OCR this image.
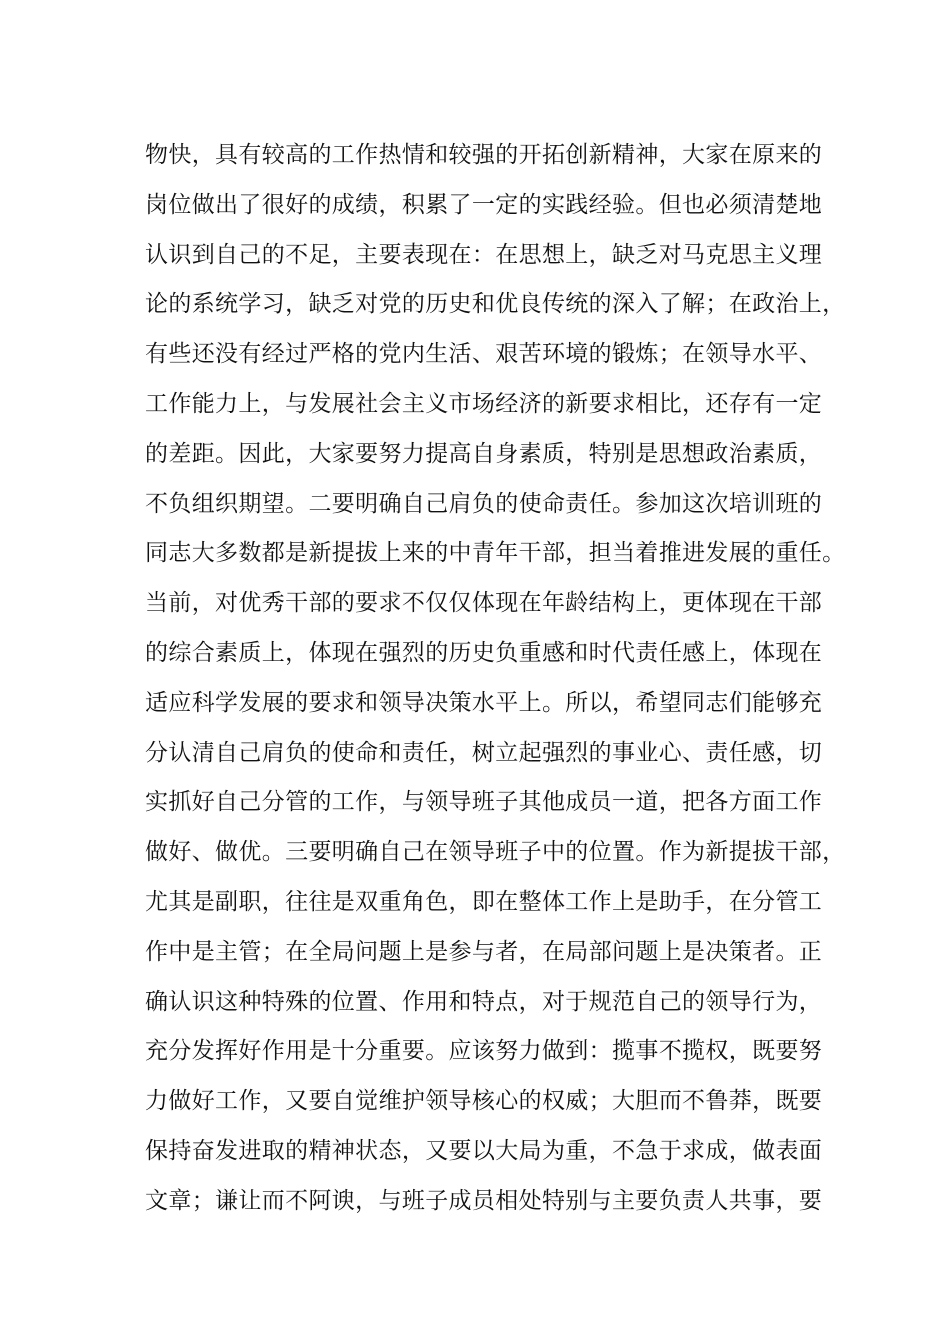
物快，具有较高的工作热情和较强的开拓创新精神，大家在原来的
岗位做出了很好的成绩，积累了一定的实践经验。但也必须清楚地
认识到自己的不足，主要表现在：在思想上，缺乏对马克思主义理
论的系统学习，缺乏对党的历史和优良传统的深入了解；在政治上，
有些还没有经过严格的党内生活、艰苦环境的锻炼；在领导水平、
工作能力上，与发展社会主义市场经济的新要求相比，还存有一定
的差距。因此，大家要努力提高自身素质，特别是思想政治素质，
不负组织期望。二要明确自己肩负的使命责任。参加这次培训班的
同志大多数都是新提拔上来的中青年干部，担当着推进发展的重任。
当前，对优秀干部的要求不仅仅体现在年龄结构上，更体现在干部
的综合素质上，体现在强烈的历史负重感和时代责任感上，体现在
适应科学发展的要求和领导决策水平上。所以，希望同志们能够充
分认清自己肩负的使命和责任，树立起强烈的事业心、责任感，切
实抓好自己分管的工作，与领导班子其他成员一道，把各方面工作
做好、做优。三要明确自己在领导班子中的位置。作为新提拔干部，
尤其是副职，往往是双重角色，即在整体工作上是助手，在分管工
作中是主管；在全局问题上是参与者，在局部问题上是决策者。正
确认识这种特殊的位置、作用和特点，对于规范自己的领导行为，
充分发挥好作用是十分重要。应该努力做到：揽事不揽权，既要努
力做好工作，又要自觉维护领导核心的权威；大胆而不鲁莽，既要
保持奋发进取的精神状态，又要以大局为重，不急于求成，做表面
文章；谦让而不阿谀，与班子成员相处特别与主要负责人共事，要
